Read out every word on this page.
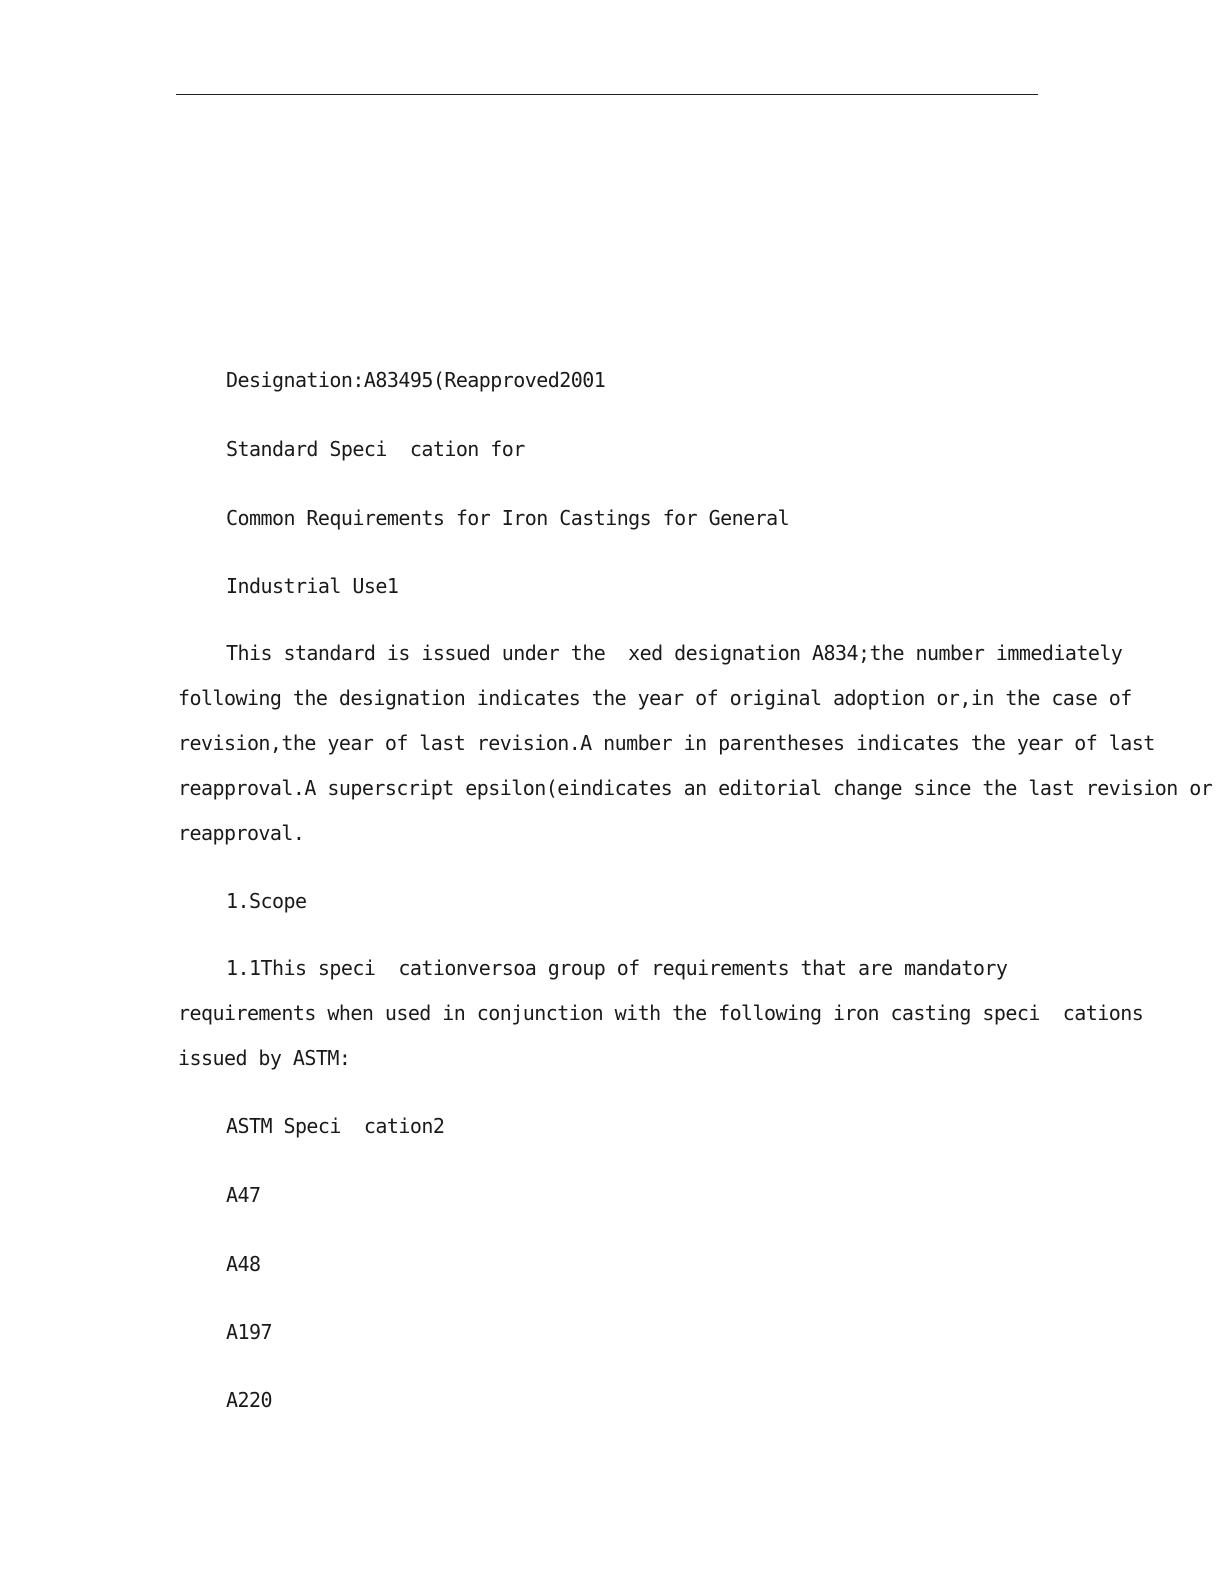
Designation:A83495(Reapproved2001
Standard Speci  cation for
Common Requirements for Iron Castings for General
Industrial Use1
This standard is issued under the  xed designation A834;the number immediately
following the designation indicates the year of original adoption or,in the case of
revision,the year of last revision.A number in parentheses indicates the year of last
reapproval.A superscript epsilon(eindicates an editorial change since the last revision or
reapproval.
1.Scope
1.1This speci  cationversoa group of requirements that are mandatory
requirements when used in conjunction with the following iron casting speci  cations
issued by ASTM:
ASTM Speci  cation2
A47
A48
A197
A220
